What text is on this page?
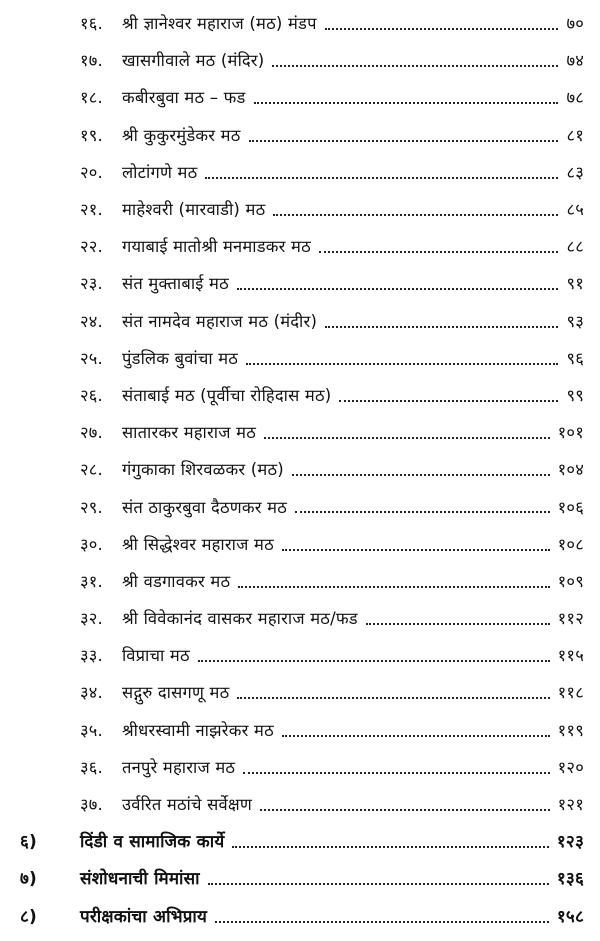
१६. श्री ज्ञानेश्वर महाराज (मठ) मंडप	७०
१७. खासगीवाले मठ (मंदिर)	७४
१८. कबीरबुवा मठ – फड	७८
१९. श्री कुकुरमुंडेकर मठ	८१
२०. लोटांगणे मठ	८३
२१. माहेश्वरी (मारवाडी) मठ	८५
२२. गयाबाई मातोश्री मनमाडकर मठ	८८
२३. संत मुक्ताबाई मठ	९१
२४. संत नामदेव महाराज मठ (मंदीर)	९३
२५. पुंडलिक बुवांचा मठ	९६
२६. संताबाई मठ (पूर्वीचा रोहिदास मठ)	९९
२७. सातारकर महाराज मठ	१०१
२८. गंगुकाका शिरवळकर (मठ)	१०४
२९. संत ठाकुरबुवा दैठणकर मठ	१०६
३०. श्री सिद्धेश्वर महाराज मठ	१०८
३१. श्री वडगावकर मठ	१०९
३२. श्री विवेकानंद वासकर महाराज मठ/फड	११२
३३. विप्राचा मठ	११५
३४. सद्गुरु दासगणू मठ	११८
३५. श्रीधरस्वामी नाझरेकर मठ	११९
३६. तनपुरे महाराज मठ	१२०
३७. उर्वरित मठांचे सर्वेक्षण	१२१
६)	दिंडी व सामाजिक कार्ये	१२३
७)	संशोधनाची मिमांसा	१३६
८)	परीक्षकांचा अभिप्राय	१५८
